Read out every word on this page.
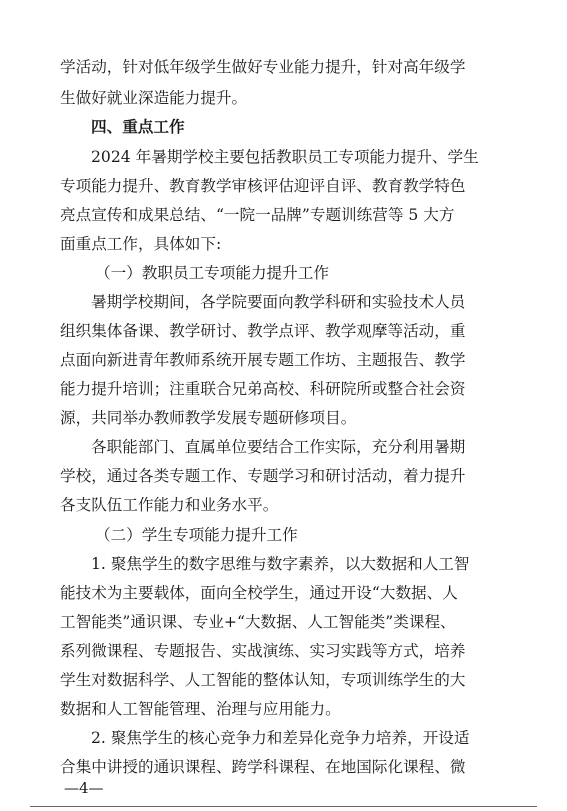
学活动，针对低年级学生做好专业能力提升，针对高年级学
生做好就业深造能力提升。
四、重点工作
2024 年暑期学校主要包括教职员工专项能力提升、学生
专项能力提升、教育教学审核评估迎评自评、教育教学特色
亮点宣传和成果总结、“一院一品牌”专题训练营等 5 大方
面重点工作，具体如下:
（一）教职员工专项能力提升工作
暑期学校期间，各学院要面向教学科研和实验技术人员
组织集体备课、教学研讨、教学点评、教学观摩等活动，重
点面向新进青年教师系统开展专题工作坊、主题报告、教学
能力提升培训；注重联合兄弟高校、科研院所或整合社会资
源，共同举办教师教学发展专题研修项目。
各职能部门、直属单位要结合工作实际，充分利用暑期
学校，通过各类专题工作、专题学习和研讨活动，着力提升
各支队伍工作能力和业务水平。
（二）学生专项能力提升工作
1. 聚焦学生的数字思维与数字素养，以大数据和人工智
能技术为主要载体，面向全校学生，通过开设“大数据、人
工智能类”通识课、专业+“大数据、人工智能类”类课程、
系列微课程、专题报告、实战演练、实习实践等方式，培养
学生对数据科学、人工智能的整体认知，专项训练学生的大
数据和人工智能管理、治理与应用能力。
2. 聚焦学生的核心竞争力和差异化竞争力培养，开设适
合集中讲授的通识课程、跨学科课程、在地国际化课程、微
—4—
